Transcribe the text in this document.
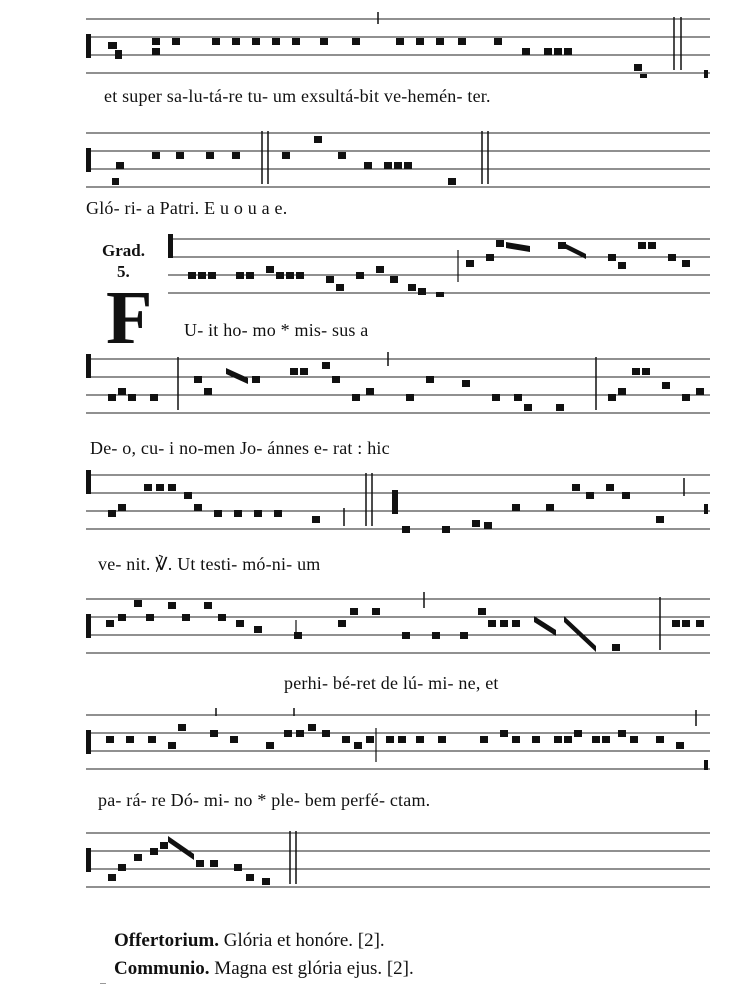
et super sa-lu-tá-re tu- um exsultá-bit ve-hemén- ter.
Gló- ri- a Patri. E u o u a e.
Grad.
5.
F U- it ho- mo * mis- sus a
De- o, cu- i no-men Jo- ánnes e- rat : hic
ve- nit. ℣. Ut testi- mó-ni- um
perhi- bé-ret de lú- mi- ne, et
pa- rá- re Dó- mi- no * ple- bem perfé- ctam.
Offertorium. Glória et honóre. [2].
Communio. Magna est glória ejus. [2].
